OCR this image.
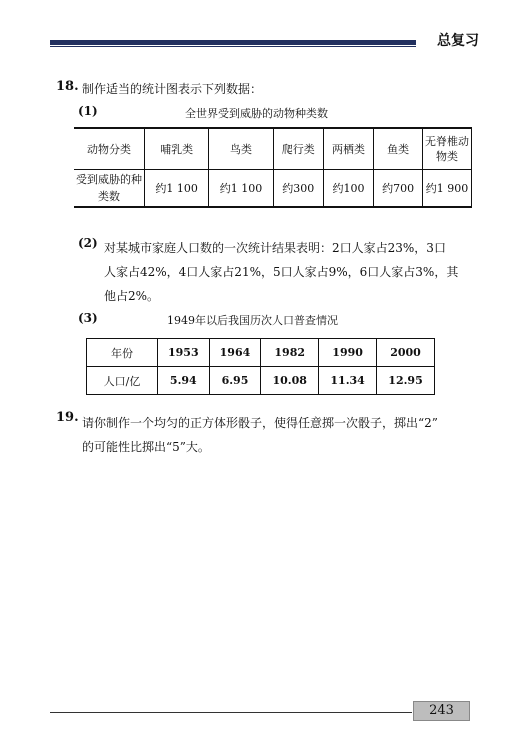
总复习
18. 制作适当的统计图表示下列数据：
(1)	全世界受到威胁的动物种类数
动物分类	哺乳类	鸟类	爬行类	两栖类	鱼类	无脊椎动物类
受到威胁的种类数	约1 100	约1 100	约300	约100	约700	约1 900
(2) 对某城市家庭人口数的一次统计结果表明：2口人家占23%，3口
人家占42%，4口人家占21%，5口人家占9%，6口人家占3%，其
他占2%。
(3)	1949年以后我国历次人口普查情况
年份	1953	1964	1982	1990	2000
人口/亿	5.94	6.95	10.08	11.34	12.95
19. 请你制作一个均匀的正方体形骰子，使得任意掷一次骰子，掷出“2”
的可能性比掷出“5”大。
243
